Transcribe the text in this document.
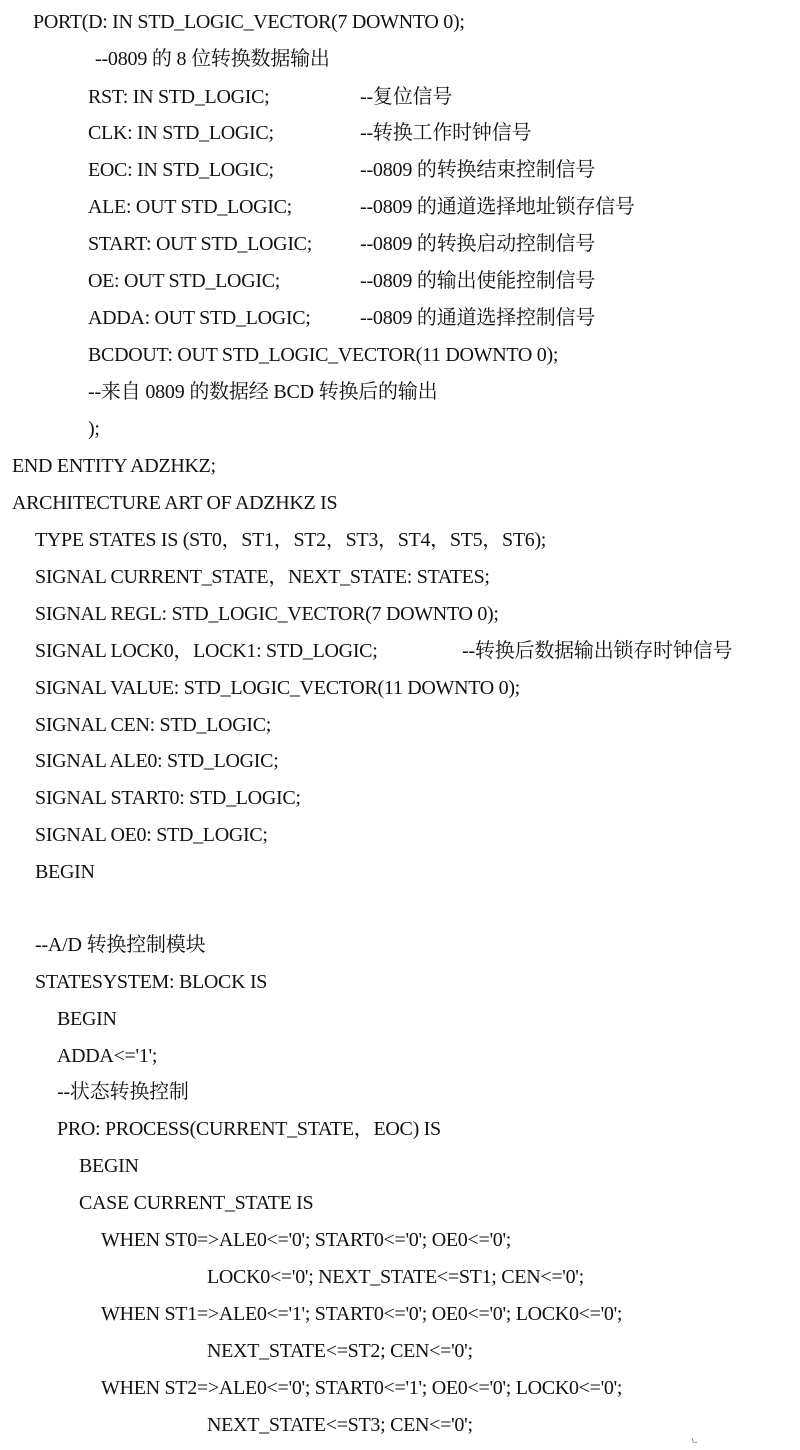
PORT(D: IN STD_LOGIC_VECTOR(7 DOWNTO 0);
--0809 的 8 位转换数据输出
RST: IN STD_LOGIC;	--复位信号
CLK: IN STD_LOGIC;	--转换工作时钟信号
EOC: IN STD_LOGIC;	--0809 的转换结束控制信号
ALE: OUT STD_LOGIC;	--0809 的通道选择地址锁存信号
START: OUT STD_LOGIC; --0809 的转换启动控制信号
OE: OUT STD_LOGIC;	--0809 的输出使能控制信号
ADDA: OUT STD_LOGIC; --0809 的通道选择控制信号
BCDOUT: OUT STD_LOGIC_VECTOR(11 DOWNTO 0);
--来自 0809 的数据经 BCD 转换后的输出
);
END ENTITY ADZHKZ;
ARCHITECTURE ART OF ADZHKZ IS
TYPE STATES IS (ST0，ST1，ST2，ST3，ST4，ST5，ST6);
SIGNAL CURRENT_STATE，NEXT_STATE: STATES;
SIGNAL REGL: STD_LOGIC_VECTOR(7 DOWNTO 0);
SIGNAL LOCK0，LOCK1: STD_LOGIC;	--转换后数据输出锁存时钟信号
SIGNAL VALUE: STD_LOGIC_VECTOR(11 DOWNTO 0);
SIGNAL CEN: STD_LOGIC;
SIGNAL ALE0: STD_LOGIC;
SIGNAL START0: STD_LOGIC;
SIGNAL OE0: STD_LOGIC;
BEGIN
--A/D 转换控制模块
STATESYSTEM: BLOCK IS
BEGIN
ADDA<='1';
--状态转换控制
PRO: PROCESS(CURRENT_STATE，EOC) IS
BEGIN
CASE CURRENT_STATE IS
WHEN ST0=>ALE0<='0'; START0<='0'; OE0<='0';
LOCK0<='0'; NEXT_STATE<=ST1; CEN<='0';
WHEN ST1=>ALE0<='1'; START0<='0'; OE0<='0'; LOCK0<='0';
NEXT_STATE<=ST2; CEN<='0';
WHEN ST2=>ALE0<='0'; START0<='1'; OE0<='0'; LOCK0<='0';
NEXT_STATE<=ST3; CEN<='0';
